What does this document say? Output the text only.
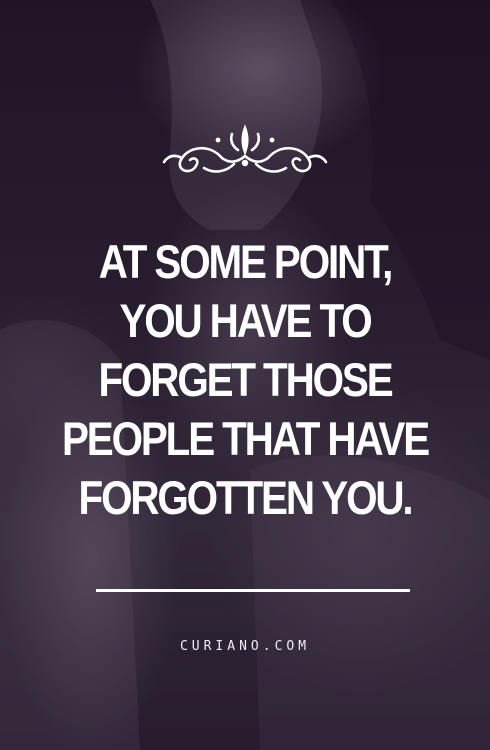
AT SOME POINT,
YOU HAVE TO
FORGET THOSE
PEOPLE THAT HAVE
FORGOTTEN YOU.
CURIANO.COM
